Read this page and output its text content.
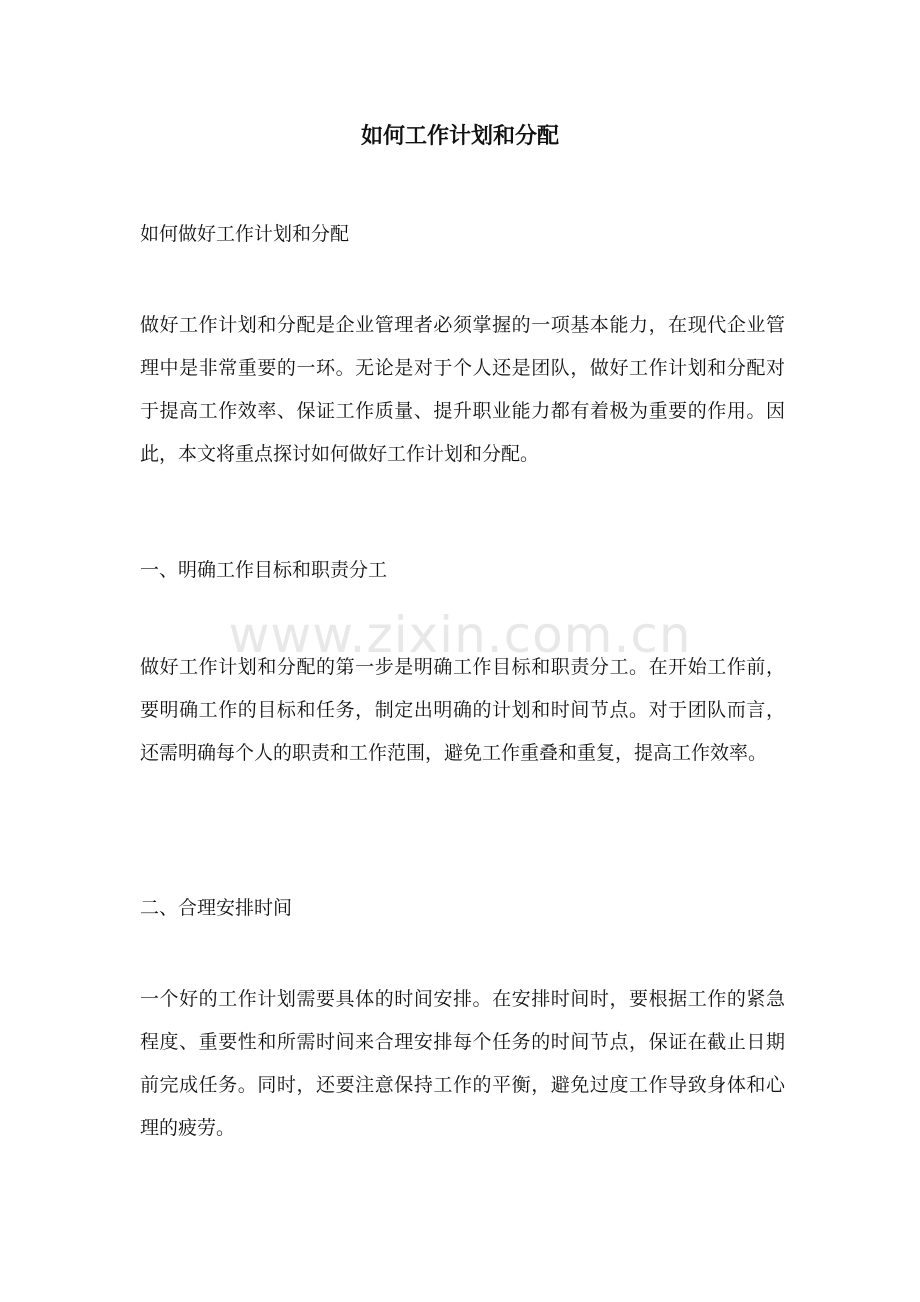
如何工作计划和分配

如何做好工作计划和分配

做好工作计划和分配是企业管理者必须掌握的一项基本能力，在现代企业管理中是非常重要的一环。无论是对于个人还是团队，做好工作计划和分配对于提高工作效率、保证工作质量、提升职业能力都有着极为重要的作用。因此，本文将重点探讨如何做好工作计划和分配。

一、明确工作目标和职责分工

做好工作计划和分配的第一步是明确工作目标和职责分工。在开始工作前，要明确工作的目标和任务，制定出明确的计划和时间节点。对于团队而言，还需明确每个人的职责和工作范围，避免工作重叠和重复，提高工作效率。

二、合理安排时间

一个好的工作计划需要具体的时间安排。在安排时间时，要根据工作的紧急程度、重要性和所需时间来合理安排每个任务的时间节点，保证在截止日期前完成任务。同时，还要注意保持工作的平衡，避免过度工作导致身体和心理的疲劳。

www.zixin.com.cn
